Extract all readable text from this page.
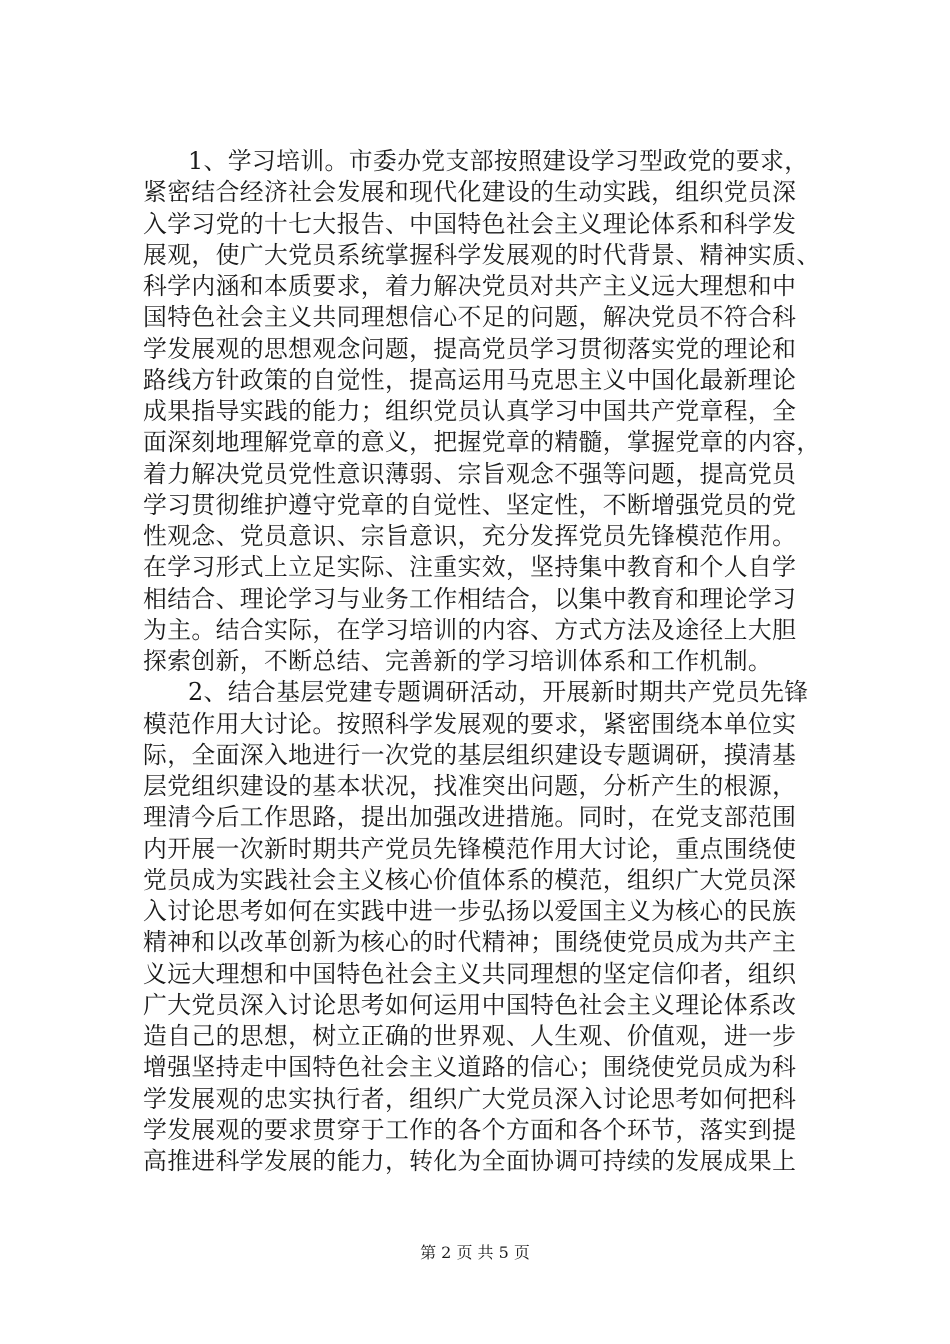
1、学习培训。市委办党支部按照建设学习型政党的要求，
紧密结合经济社会发展和现代化建设的生动实践，组织党员深
入学习党的十七大报告、中国特色社会主义理论体系和科学发
展观，使广大党员系统掌握科学发展观的时代背景、精神实质、
科学内涵和本质要求，着力解决党员对共产主义远大理想和中
国特色社会主义共同理想信心不足的问题，解决党员不符合科
学发展观的思想观念问题，提高党员学习贯彻落实党的理论和
路线方针政策的自觉性，提高运用马克思主义中国化最新理论
成果指导实践的能力；组织党员认真学习中国共产党章程，全
面深刻地理解党章的意义，把握党章的精髓，掌握党章的内容，
着力解决党员党性意识薄弱、宗旨观念不强等问题，提高党员
学习贯彻维护遵守党章的自觉性、坚定性，不断增强党员的党
性观念、党员意识、宗旨意识，充分发挥党员先锋模范作用。
在学习形式上立足实际、注重实效，坚持集中教育和个人自学
相结合、理论学习与业务工作相结合，以集中教育和理论学习
为主。结合实际，在学习培训的内容、方式方法及途径上大胆
探索创新，不断总结、完善新的学习培训体系和工作机制。
2、结合基层党建专题调研活动，开展新时期共产党员先锋
模范作用大讨论。按照科学发展观的要求，紧密围绕本单位实
际，全面深入地进行一次党的基层组织建设专题调研，摸清基
层党组织建设的基本状况，找准突出问题，分析产生的根源，
理清今后工作思路，提出加强改进措施。同时，在党支部范围
内开展一次新时期共产党员先锋模范作用大讨论，重点围绕使
党员成为实践社会主义核心价值体系的模范，组织广大党员深
入讨论思考如何在实践中进一步弘扬以爱国主义为核心的民族
精神和以改革创新为核心的时代精神；围绕使党员成为共产主
义远大理想和中国特色社会主义共同理想的坚定信仰者，组织
广大党员深入讨论思考如何运用中国特色社会主义理论体系改
造自己的思想，树立正确的世界观、人生观、价值观，进一步
增强坚持走中国特色社会主义道路的信心；围绕使党员成为科
学发展观的忠实执行者，组织广大党员深入讨论思考如何把科
学发展观的要求贯穿于工作的各个方面和各个环节，落实到提
高推进科学发展的能力，转化为全面协调可持续的发展成果上
第 2 页 共 5 页
